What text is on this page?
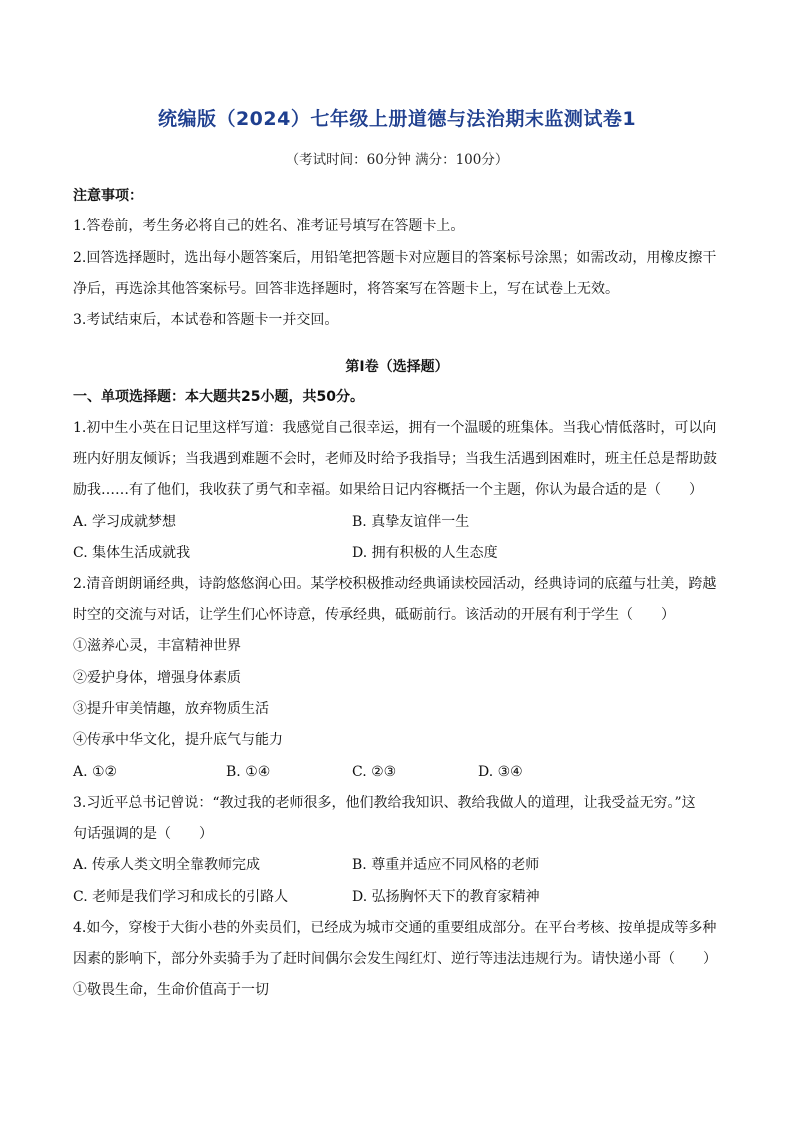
统编版（2024）七年级上册道德与法治期末监测试卷1
（考试时间：60分钟 满分：100分）
注意事项：
1.答卷前，考生务必将自己的姓名、准考证号填写在答题卡上。
2.回答选择题时，选出每小题答案后，用铅笔把答题卡对应题目的答案标号涂黑；如需改动，用橡皮擦干
净后，再选涂其他答案标号。回答非选择题时，将答案写在答题卡上，写在试卷上无效。
3.考试结束后，本试卷和答题卡一并交回。
第I卷（选择题）
一、单项选择题：本大题共25小题，共50分。
1.初中生小英在日记里这样写道：我感觉自己很幸运，拥有一个温暖的班集体。当我心情低落时，可以向
班内好朋友倾诉；当我遇到难题不会时，老师及时给予我指导；当我生活遇到困难时，班主任总是帮助鼓
励我……有了他们，我收获了勇气和幸福。如果给日记内容概括一个主题，你认为最合适的是（　　）
A. 学习成就梦想	B. 真挚友谊伴一生
C. 集体生活成就我	D. 拥有积极的人生态度
2.清音朗朗诵经典，诗韵悠悠润心田。某学校积极推动经典诵读校园活动，经典诗词的底蕴与壮美，跨越
时空的交流与对话，让学生们心怀诗意，传承经典，砥砺前行。该活动的开展有利于学生（　　）
①滋养心灵，丰富精神世界
②爱护身体，增强身体素质
③提升审美情趣，放弃物质生活
④传承中华文化，提升底气与能力
A. ①②	B. ①④	C. ②③	D. ③④
3.习近平总书记曾说：“教过我的老师很多，他们教给我知识、教给我做人的道理，让我受益无穷。”这
句话强调的是（　　）
A. 传承人类文明全靠教师完成	B. 尊重并适应不同风格的老师
C. 老师是我们学习和成长的引路人	D. 弘扬胸怀天下的教育家精神
4.如今，穿梭于大街小巷的外卖员们，已经成为城市交通的重要组成部分。在平台考核、按单提成等多种
因素的影响下，部分外卖骑手为了赶时间偶尔会发生闯红灯、逆行等违法违规行为。请快递小哥（　　）
①敬畏生命，生命价值高于一切
